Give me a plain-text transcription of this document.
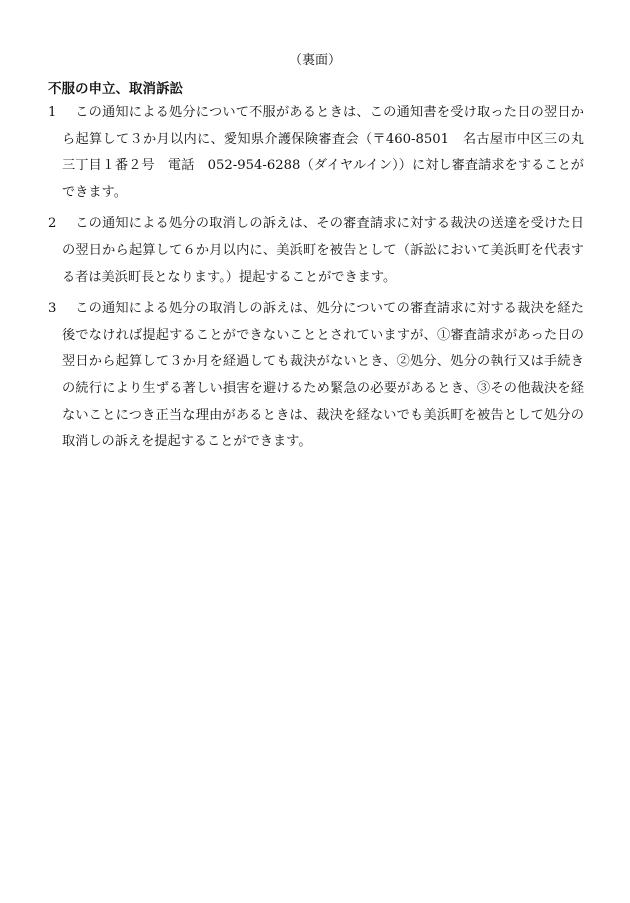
（裏面）
不服の申立、取消訴訟
1	この通知による処分について不服があるときは、この通知書を受け取った日の翌日から起算して３か月以内に、愛知県介護保険審査会（〒460-8501　名古屋市中区三の丸三丁目１番２号　電話　052-954-6288（ダイヤルイン））に対し審査請求をすることができます。
2	この通知による処分の取消しの訴えは、その審査請求に対する裁決の送達を受けた日の翌日から起算して６か月以内に、美浜町を被告として（訴訟において美浜町を代表する者は美浜町長となります。）提起することができます。
3	この通知による処分の取消しの訴えは、処分についての審査請求に対する裁決を経た後でなければ提起することができないこととされていますが、①審査請求があった日の翌日から起算して３か月を経過しても裁決がないとき、②処分、処分の執行又は手続きの続行により生ずる著しい損害を避けるため緊急の必要があるとき、③その他裁決を経ないことにつき正当な理由があるときは、裁決を経ないでも美浜町を被告として処分の取消しの訴えを提起することができます。
